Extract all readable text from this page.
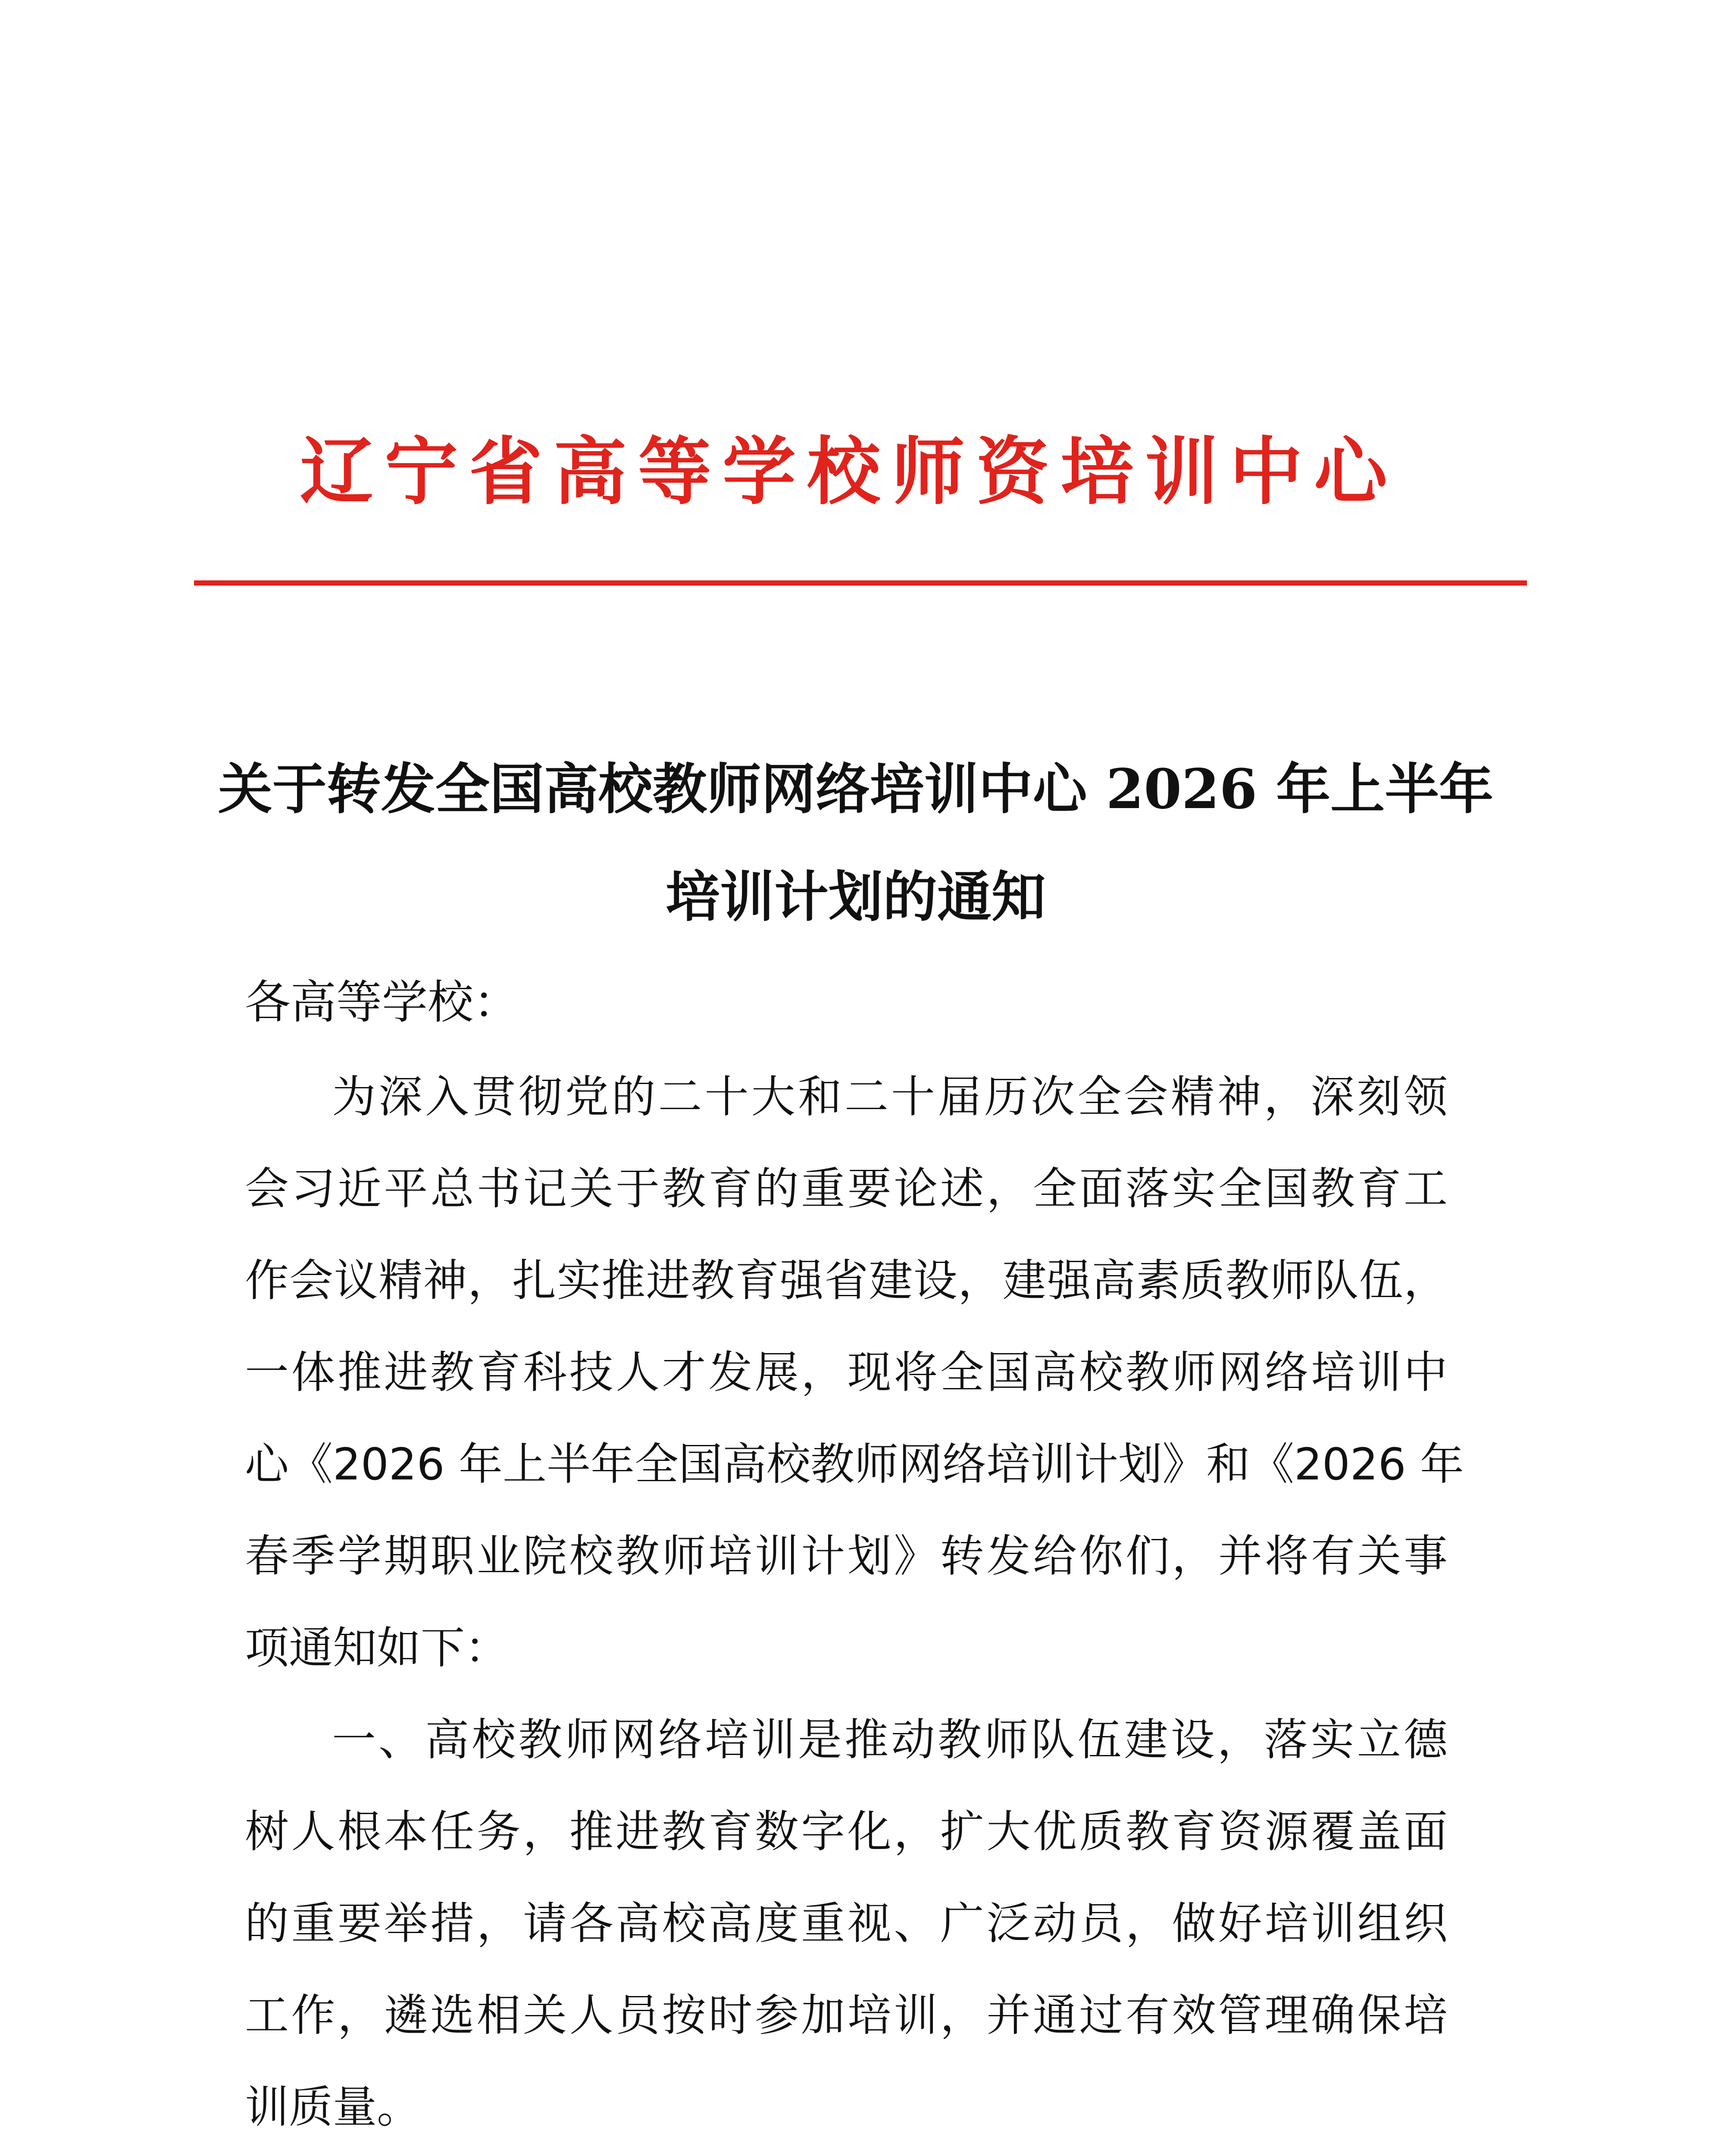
辽宁省高等学校师资培训中心
关于转发全国高校教师网络培训中心 2026 年上半年
培训计划的通知
各高等学校：
为深入贯彻党的二十大和二十届历次全会精神，深刻领
会习近平总书记关于教育的重要论述，全面落实全国教育工
作会议精神，扎实推进教育强省建设，建强高素质教师队伍，
一体推进教育科技人才发展，现将全国高校教师网络培训中
心《2026 年上半年全国高校教师网络培训计划》和《2026 年
春季学期职业院校教师培训计划》转发给你们，并将有关事
项通知如下：
一、高校教师网络培训是推动教师队伍建设，落实立德
树人根本任务，推进教育数字化，扩大优质教育资源覆盖面
的重要举措，请各高校高度重视、广泛动员，做好培训组织
工作，遴选相关人员按时参加培训，并通过有效管理确保培
训质量。
